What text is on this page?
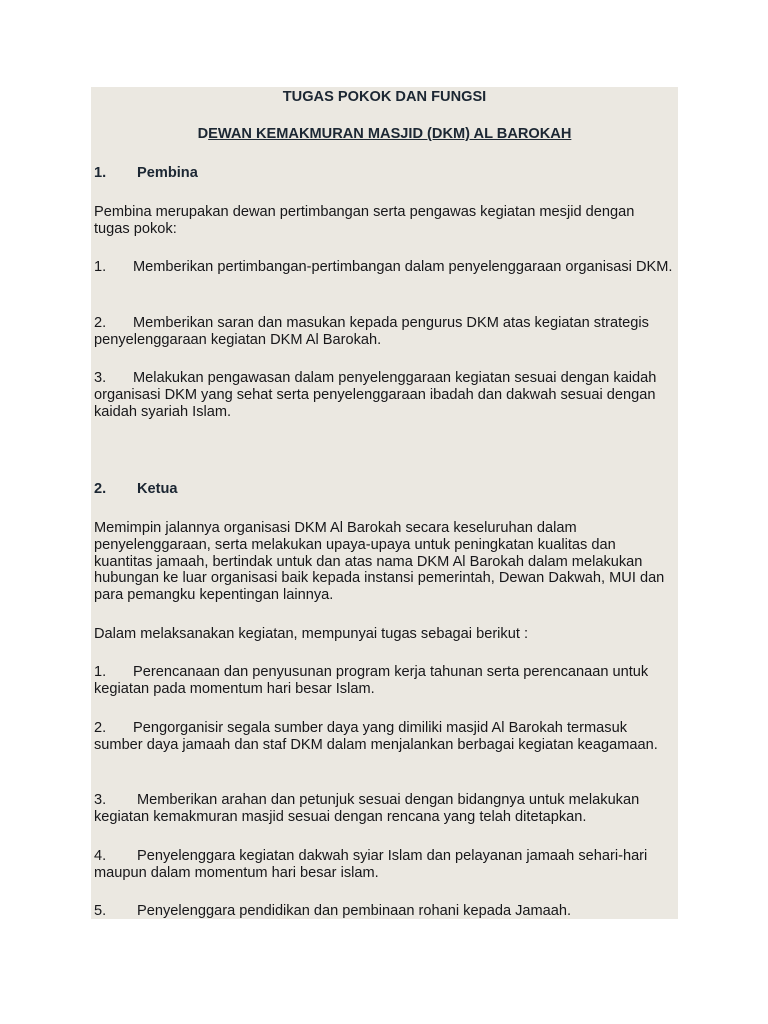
TUGAS POKOK DAN FUNGSI
DEWAN KEMAKMURAN MASJID (DKM) AL BAROKAH
1. Pembina
Pembina merupakan dewan pertimbangan serta pengawas kegiatan mesjid dengan tugas pokok:
1. Memberikan pertimbangan-pertimbangan dalam penyelenggaraan organisasi DKM.
2. Memberikan saran dan masukan kepada pengurus DKM atas kegiatan strategis penyelenggaraan kegiatan DKM Al Barokah.
3. Melakukan pengawasan dalam penyelenggaraan kegiatan sesuai dengan kaidah organisasi DKM yang sehat serta penyelenggaraan ibadah dan dakwah sesuai dengan kaidah syariah Islam.
2. Ketua
Memimpin jalannya organisasi DKM Al Barokah secara keseluruhan dalam penyelenggaraan, serta melakukan upaya-upaya untuk peningkatan kualitas dan kuantitas jamaah, bertindak untuk dan atas nama DKM Al Barokah dalam melakukan hubungan ke luar organisasi baik kepada instansi pemerintah, Dewan Dakwah, MUI dan para pemangku kepentingan lainnya.
Dalam melaksanakan kegiatan, mempunyai tugas sebagai berikut :
1. Perencanaan dan penyusunan program kerja tahunan serta perencanaan untuk kegiatan pada momentum hari besar Islam.
2. Pengorganisir segala sumber daya yang dimiliki masjid Al Barokah termasuk sumber daya jamaah dan staf DKM dalam menjalankan berbagai kegiatan keagamaan.
3. Memberikan arahan dan petunjuk sesuai dengan bidangnya untuk melakukan kegiatan kemakmuran masjid sesuai dengan rencana yang telah ditetapkan.
4. Penyelenggara kegiatan dakwah syiar Islam dan pelayanan jamaah sehari-hari maupun dalam momentum hari besar islam.
5. Penyelenggara pendidikan dan pembinaan rohani kepada Jamaah.
